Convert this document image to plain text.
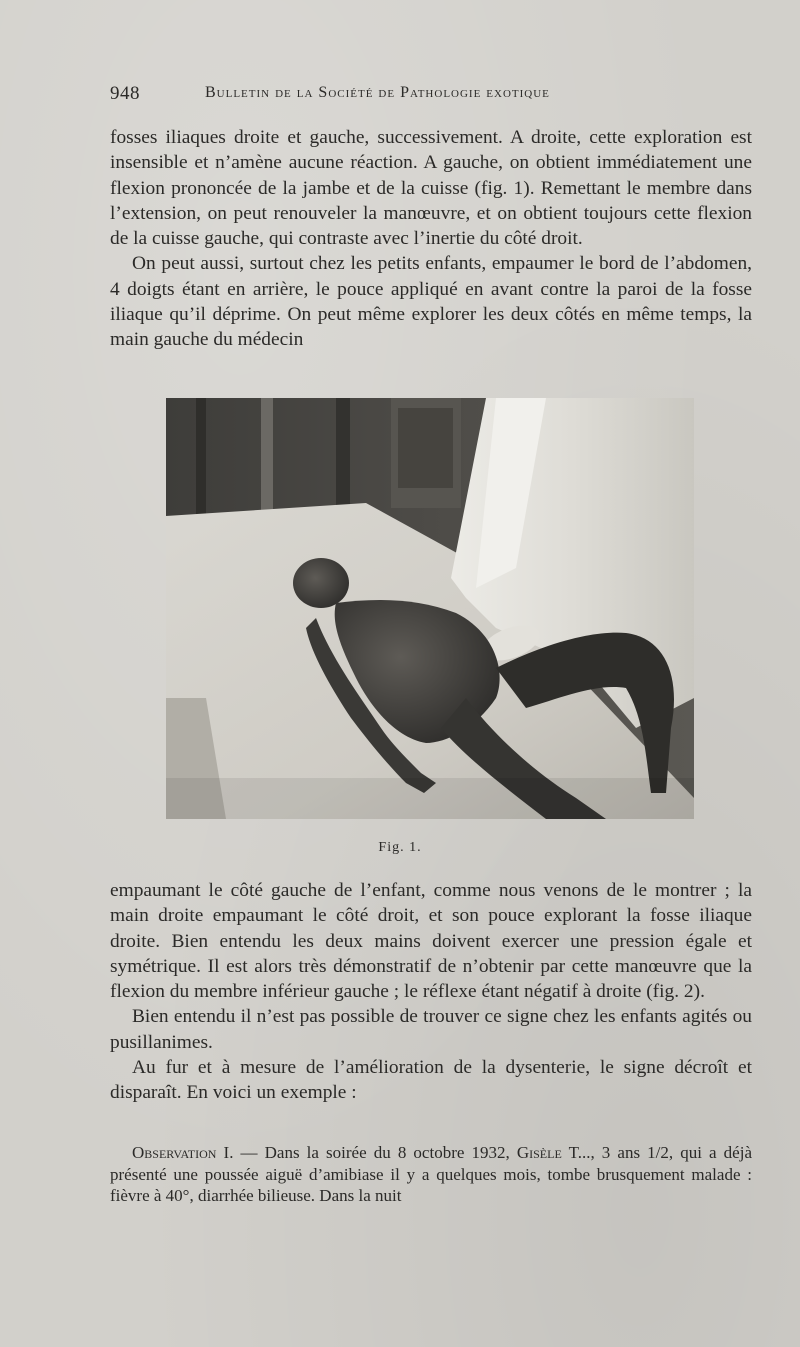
948	Bulletin de la Société de Pathologie exotique

fosses iliaques droite et gauche, successivement. A droite, cette exploration est insensible et n’amène aucune réaction. A gauche, on obtient immédiatement une flexion prononcée de la jambe et de la cuisse (fig. 1). Remettant le membre dans l’extension, on peut renouveler la manœuvre, et on obtient toujours cette flexion de la cuisse gauche, qui contraste avec l’inertie du côté droit.

On peut aussi, surtout chez les petits enfants, empaumer le bord de l’abdomen, 4 doigts étant en arrière, le pouce appliqué en avant contre la paroi de la fosse iliaque qu’il déprime. On peut même explorer les deux côtés en même temps, la main gauche du médecin

Fig. 1.

empaumant le côté gauche de l’enfant, comme nous venons de le montrer ; la main droite empaumant le côté droit, et son pouce explorant la fosse iliaque droite. Bien entendu les deux mains doivent exercer une pression égale et symétrique. Il est alors très démonstratif de n’obtenir par cette manœuvre que la flexion du membre inférieur gauche ; le réflexe étant négatif à droite (fig. 2).

Bien entendu il n’est pas possible de trouver ce signe chez les enfants agités ou pusillanimes.

Au fur et à mesure de l’amélioration de la dysenterie, le signe décroît et disparaît. En voici un exemple :

Observation I. — Dans la soirée du 8 octobre 1932, Gisèle T..., 3 ans 1/2, qui a déjà présenté une poussée aiguë d’amibiase il y a quelques mois, tombe brusquement malade : fièvre à 40°, diarrhée bilieuse. Dans la nuit
